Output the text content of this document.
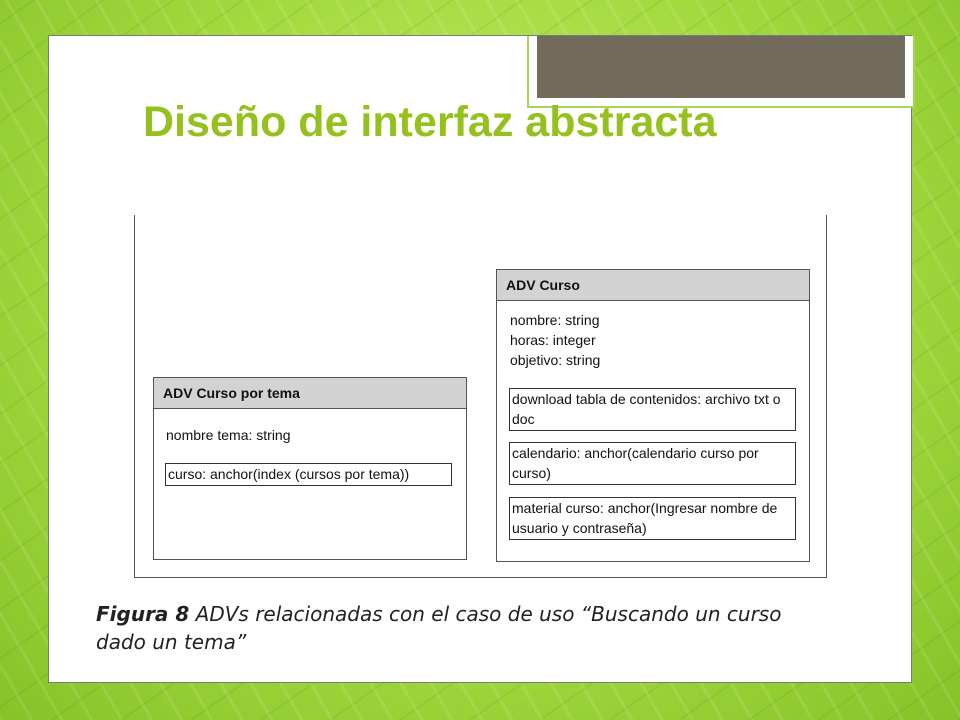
Diseño de interfaz abstracta
ADV Curso por tema
nombre tema: string
curso: anchor(index (cursos por tema))
ADV Curso
nombre: string
horas: integer
objetivo: string
download tabla de contenidos: archivo txt o doc
calendario: anchor(calendario curso por curso)
material curso: anchor(Ingresar nombre de usuario y contraseña)
Figura 8 ADVs relacionadas con el caso de uso “Buscando un curso dado un tema”
